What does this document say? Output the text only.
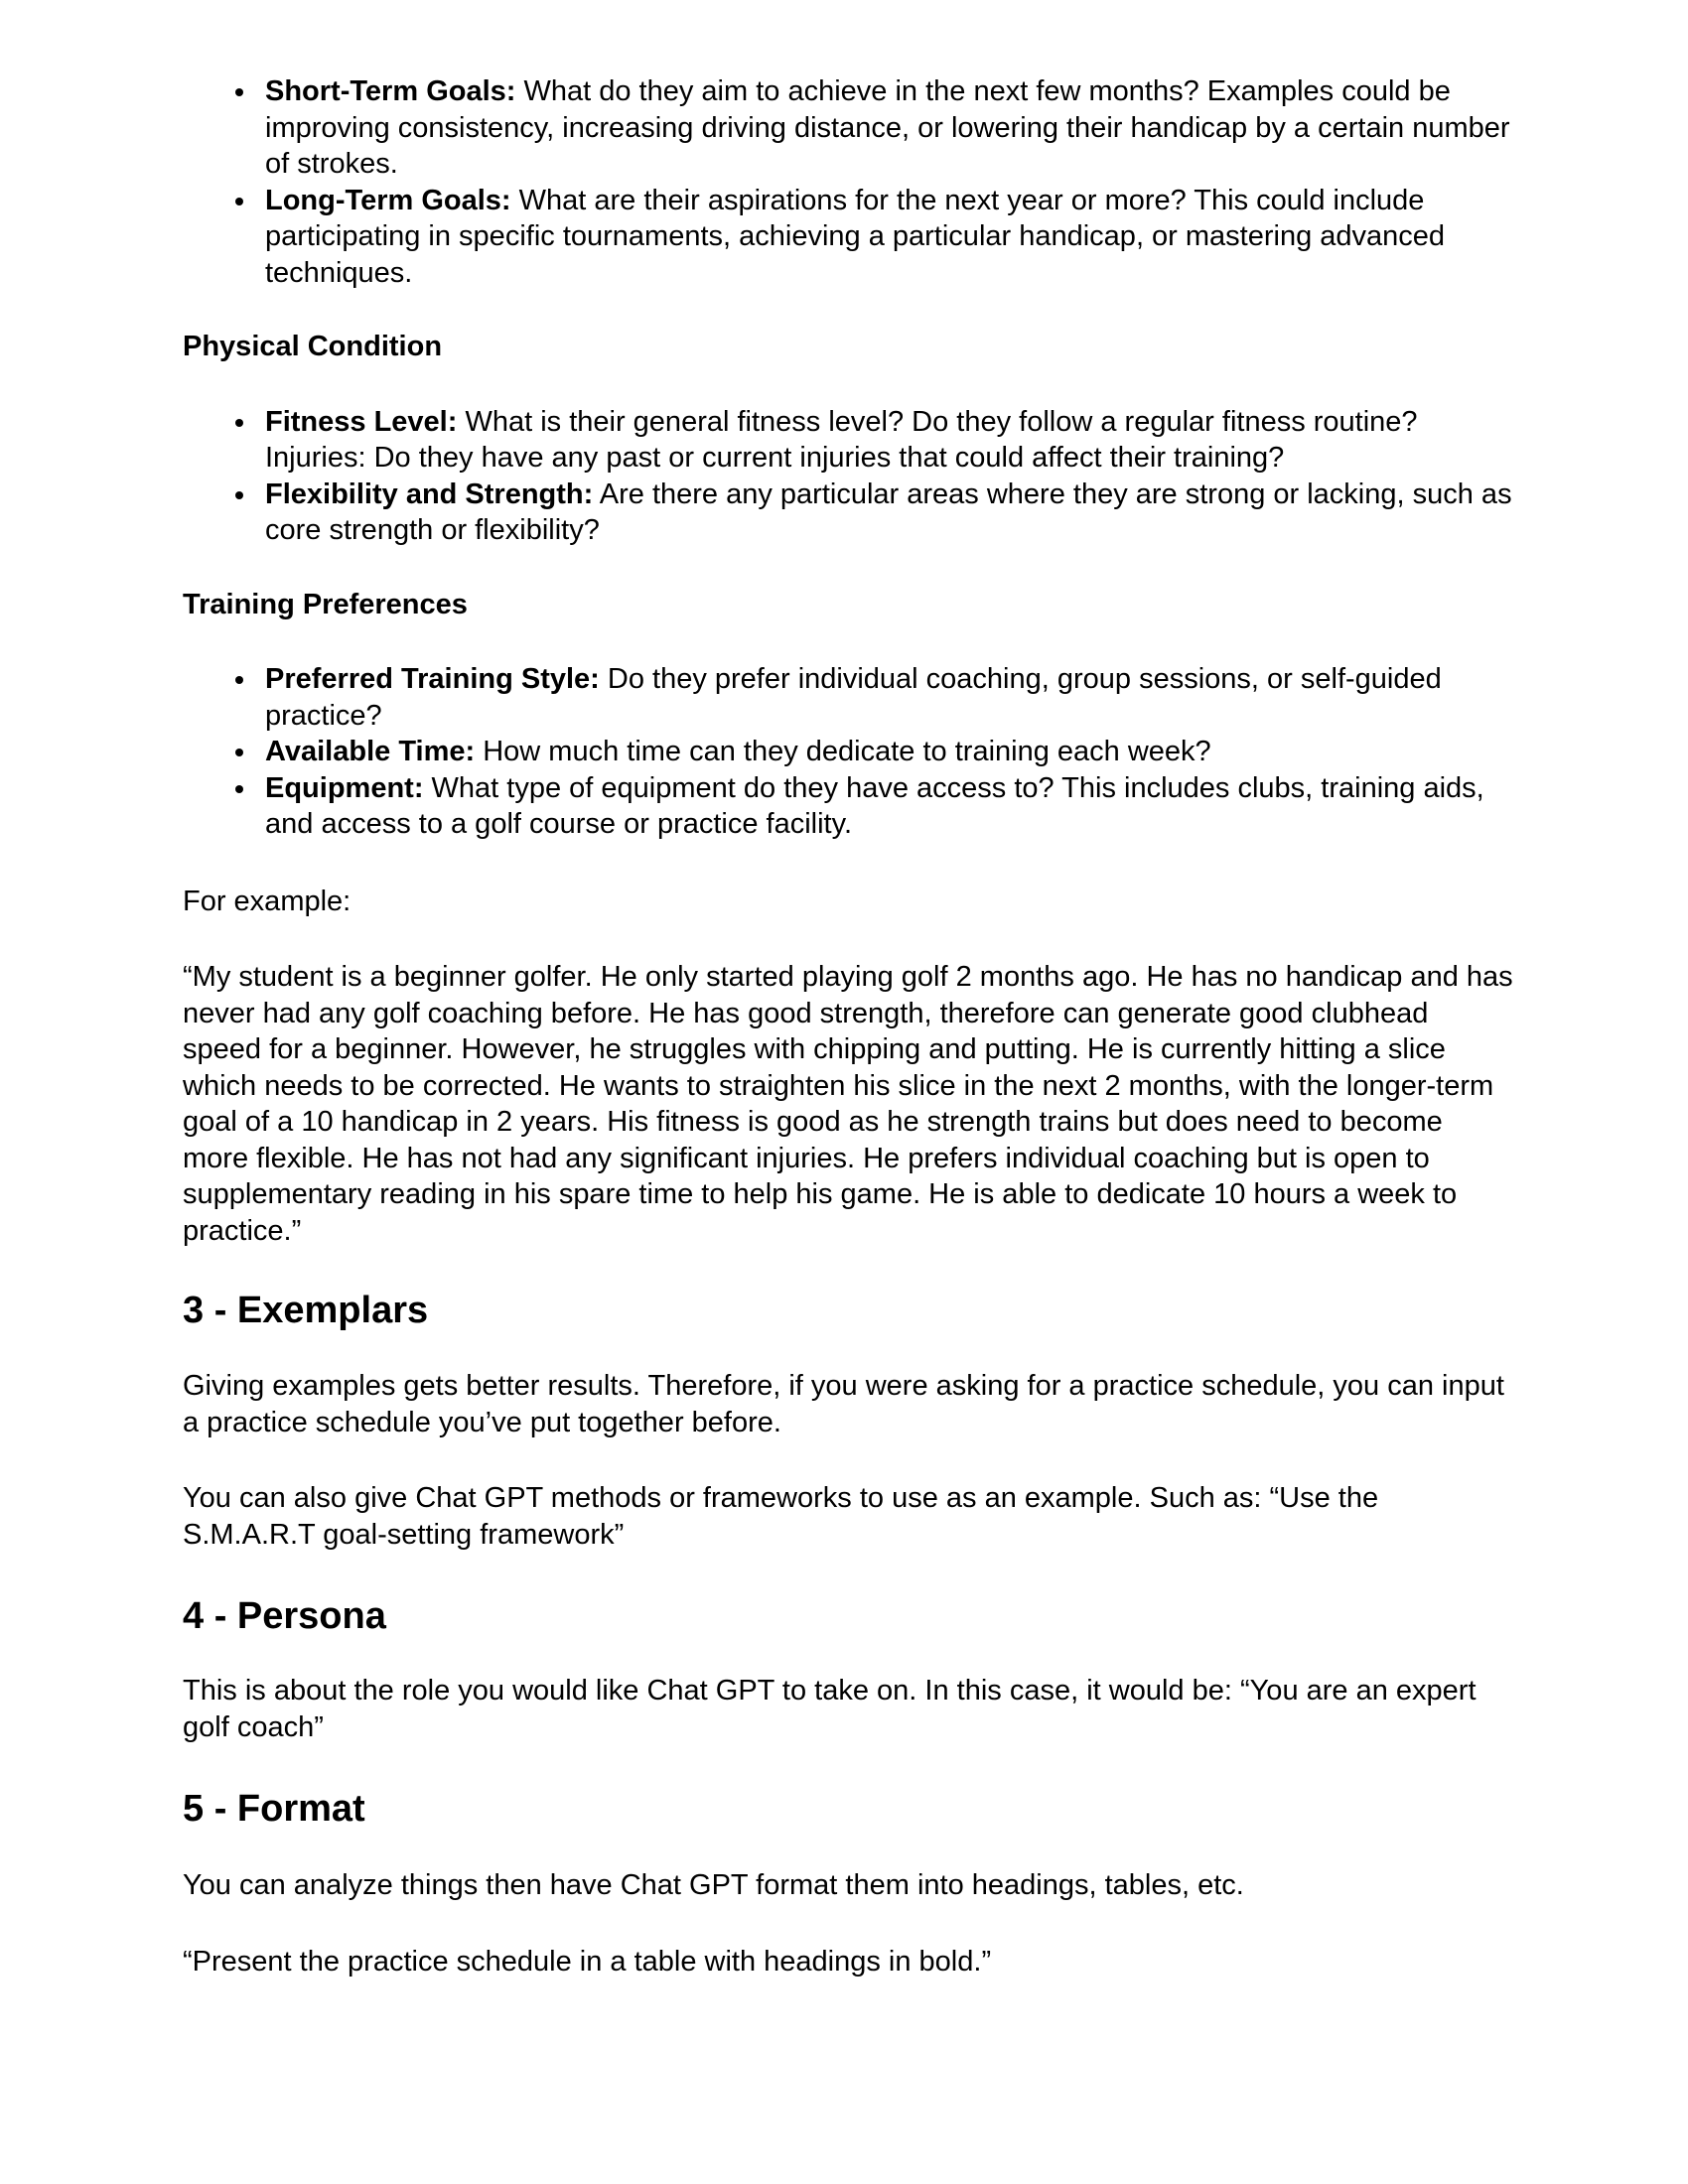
Short-Term Goals: What do they aim to achieve in the next few months? Examples could be improving consistency, increasing driving distance, or lowering their handicap by a certain number of strokes.
Long-Term Goals: What are their aspirations for the next year or more? This could include participating in specific tournaments, achieving a particular handicap, or mastering advanced techniques.

Physical Condition

Fitness Level: What is their general fitness level? Do they follow a regular fitness routine? Injuries: Do they have any past or current injuries that could affect their training?
Flexibility and Strength: Are there any particular areas where they are strong or lacking, such as core strength or flexibility?

Training Preferences

Preferred Training Style: Do they prefer individual coaching, group sessions, or self-guided practice?
Available Time: How much time can they dedicate to training each week?
Equipment: What type of equipment do they have access to? This includes clubs, training aids, and access to a golf course or practice facility.

For example:

“My student is a beginner golfer. He only started playing golf 2 months ago. He has no handicap and has never had any golf coaching before. He has good strength, therefore can generate good clubhead speed for a beginner. However, he struggles with chipping and putting. He is currently hitting a slice which needs to be corrected. He wants to straighten his slice in the next 2 months, with the longer-term goal of a 10 handicap in 2 years. His fitness is good as he strength trains but does need to become more flexible. He has not had any significant injuries. He prefers individual coaching but is open to supplementary reading in his spare time to help his game. He is able to dedicate 10 hours a week to practice.”

3 - Exemplars

Giving examples gets better results. Therefore, if you were asking for a practice schedule, you can input a practice schedule you’ve put together before.

You can also give Chat GPT methods or frameworks to use as an example. Such as: “Use the S.M.A.R.T goal-setting framework”

4 - Persona

This is about the role you would like Chat GPT to take on. In this case, it would be: “You are an expert golf coach”

5 - Format

You can analyze things then have Chat GPT format them into headings, tables, etc.

“Present the practice schedule in a table with headings in bold.”
